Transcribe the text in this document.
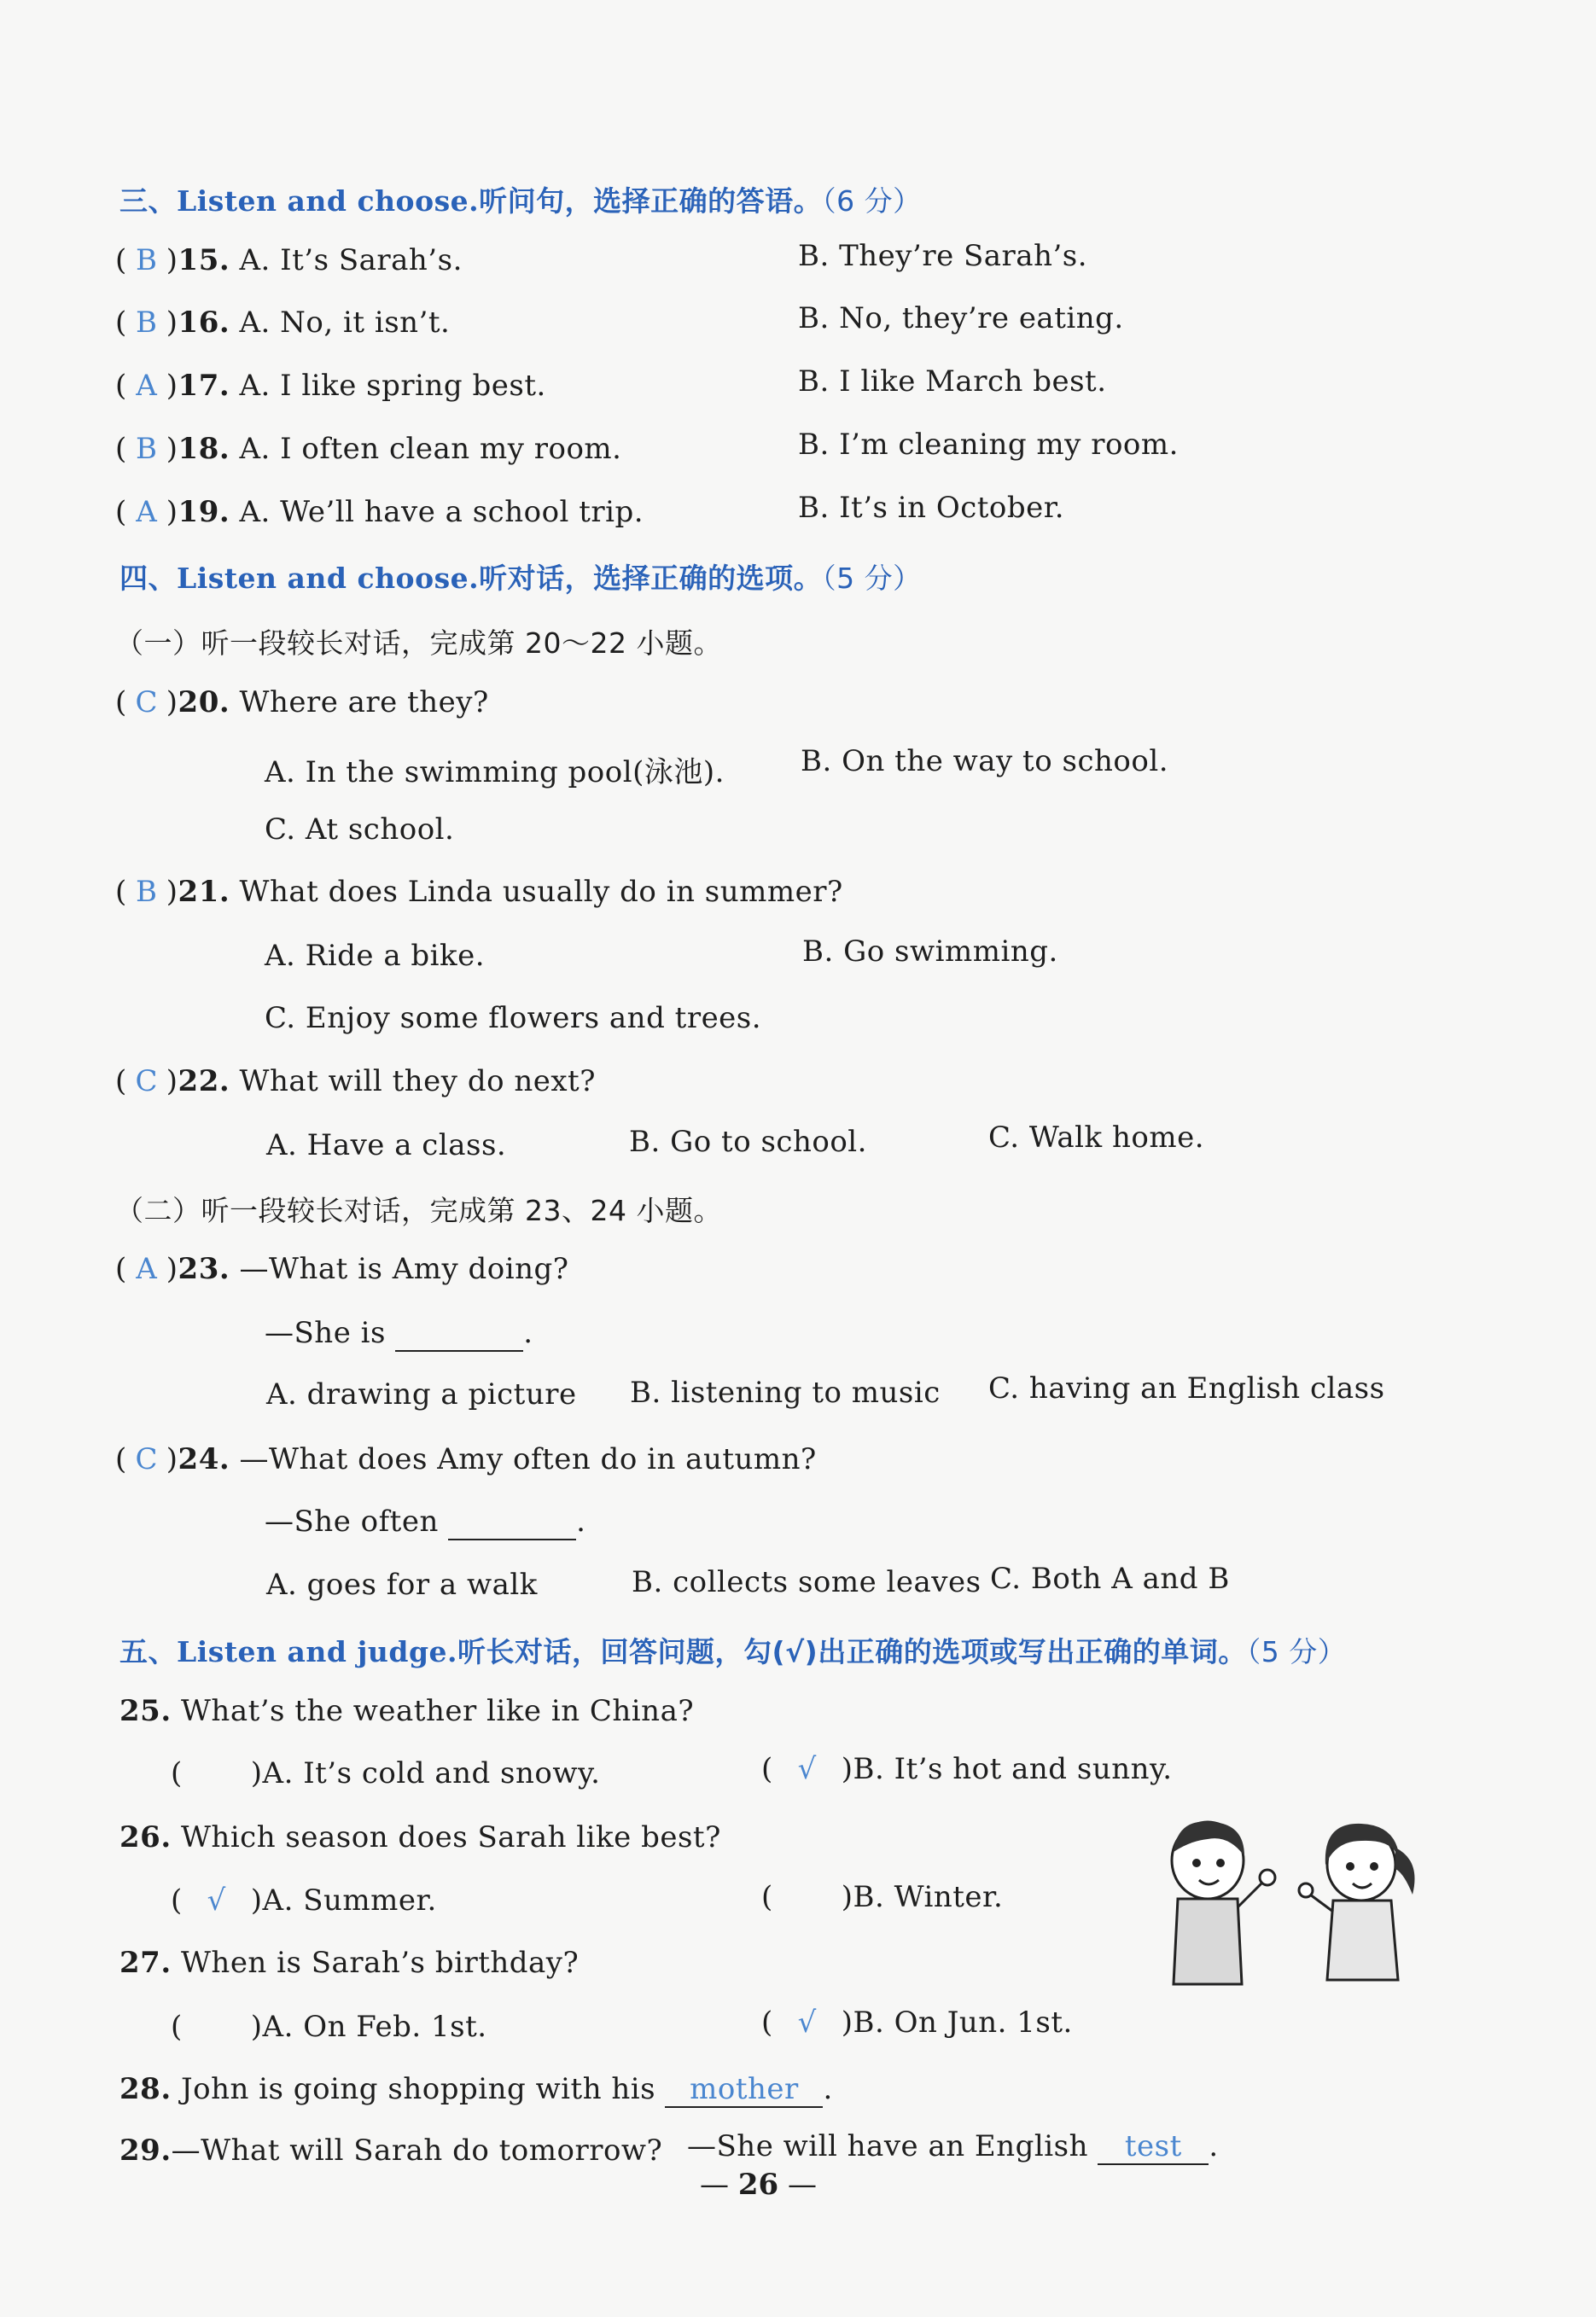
三、Listen and choose.听问句，选择正确的答语。（6 分）
( B )15. A. It’s Sarah’s.	B. They’re Sarah’s.
( B )16. A. No, it isn’t.	B. No, they’re eating.
( A )17. A. I like spring best.	B. I like March best.
( B )18. A. I often clean my room.	B. I’m cleaning my room.
( A )19. A. We’ll have a school trip.	B. It’s in October.
四、Listen and choose.听对话，选择正确的选项。（5 分）
（一）听一段较长对话，完成第 20～22 小题。
( C )20. Where are they?
A. In the swimming pool(泳池).	B. On the way to school.
C. At school.
( B )21. What does Linda usually do in summer?
A. Ride a bike.	B. Go swimming.
C. Enjoy some flowers and trees.
( C )22. What will they do next?
A. Have a class.	B. Go to school.	C. Walk home.
（二）听一段较长对话，完成第 23、24 小题。
( A )23. —What is Amy doing?
—She is	.
A. drawing a picture B. listening to music C. having an English class
( C )24. —What does Amy often do in autumn?
—She often	.
A. goes for a walk	B. collects some leaves C. Both A and B
五、Listen and judge.听长对话，回答问题，勾(√)出正确的选项或写出正确的单词。（5 分）
25. What’s the weather like in China?
( )A. It’s cold and snowy.	( √ )B. It’s hot and sunny.
26. Which season does Sarah like best?
( √ )A. Summer.	( )B. Winter.
27. When is Sarah’s birthday?
( )A. On Feb. 1st.	( √ )B. On Jun. 1st.
28. John is going shopping with his mother .
29.—What will Sarah do tomorrow? —She will have an English test .
— 26 —
